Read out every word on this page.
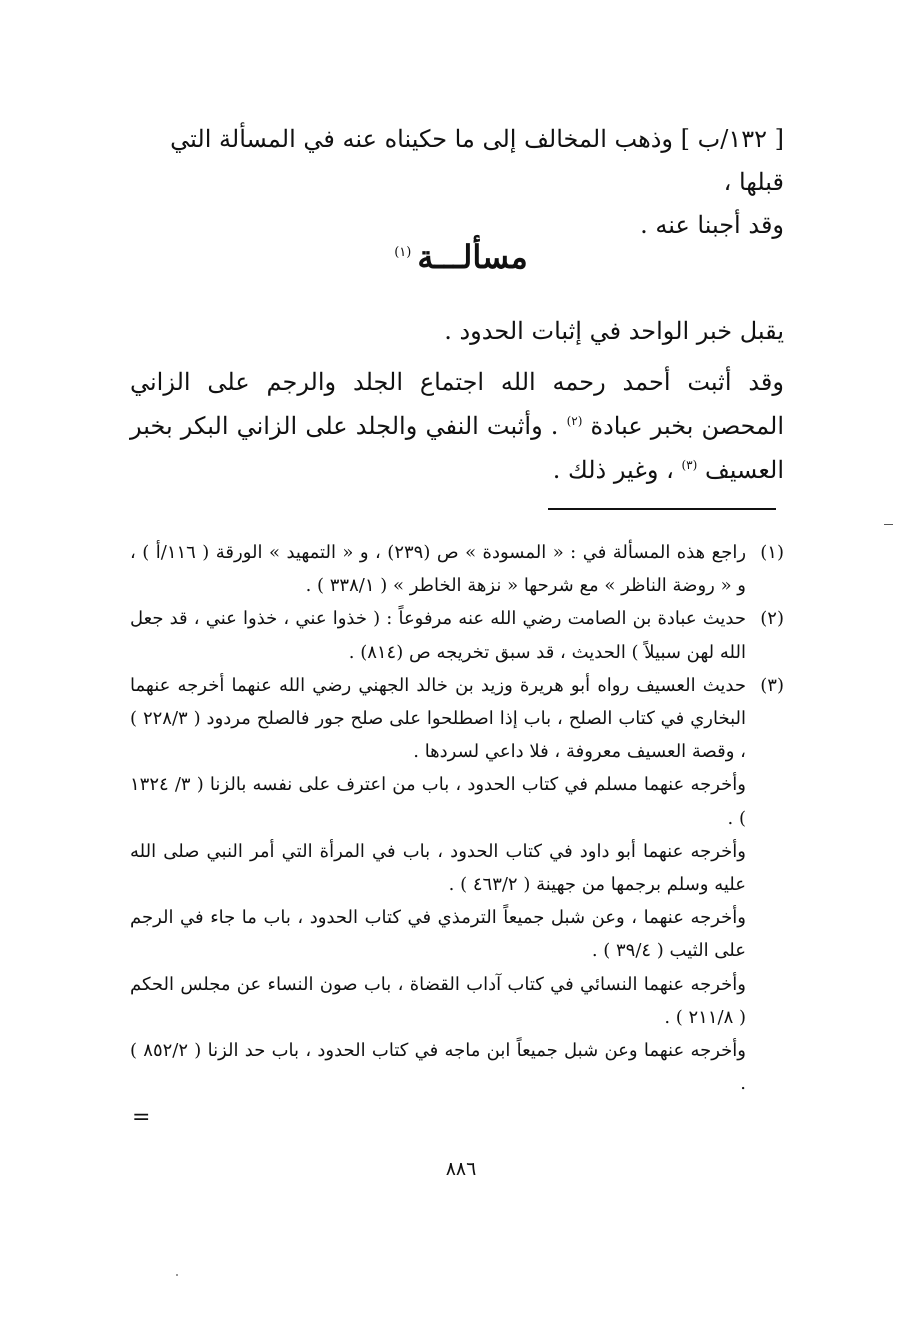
[ ١٣٢/ب ] وذهب المخالف إلى ما حكيناه عنه في المسألة التي قبلها ،

وقد أجبنا عنه .

مسألـــة$^{(١)}$

يقبل خبر الواحد في إثبات الحدود .

وقد أثبت أحمد رحمه الله اجتماع الجلد والرجم على الزاني المحصن بخبر عبادة $^{(٢)}$ . وأثبت النفي والجلد على الزاني البكر بخبر العسيف $^{(٣)}$ ، وغير ذلك .

(١)

راجع هذه المسألة في : « المسودة » ص (٢٣٩) ، و « التمهيد » الورقة ( ١١٦/أ ) ، و « روضة الناظر » مع شرحها « نزهة الخاطر » ( ٣٣٨/١ ) .

(٢)

حديث عبادة بن الصامت رضي الله عنه مرفوعاً : ( خذوا عني ، خذوا عني ، قد جعل الله لهن سبيلاً ) الحديث ، قد سبق تخريجه ص (٨١٤) .

(٣)

حديث العسيف رواه أبو هريرة وزيد بن خالد الجهني رضي الله عنهما أخرجه عنهما البخاري في كتاب الصلح ، باب إذا اصطلحوا على صلح جور فالصلح مردود ( ٢٢٨/٣ ) ، وقصة العسيف معروفة ، فلا داعي لسردها .

وأخرجه عنهما مسلم في كتاب الحدود ، باب من اعترف على نفسه بالزنا ( ٣/ ١٣٢٤ ) .

وأخرجه عنهما أبو داود في كتاب الحدود ، باب في المرأة التي أمر النبي صلى الله عليه وسلم برجمها من جهينة ( ٤٦٣/٢ ) .

وأخرجه عنهما ، وعن شبل جميعاً الترمذي في كتاب الحدود ، باب ما جاء في الرجم على الثيب ( ٣٩/٤ ) .

وأخرجه عنهما النسائي في كتاب آداب القضاة ، باب صون النساء عن مجلس الحكم ( ٢١١/٨ ) .

وأخرجه عنهما وعن شبل جميعاً ابن ماجه في كتاب الحدود ، باب حد الزنا ( ٨٥٢/٢ ) .

=
٨٨٦
